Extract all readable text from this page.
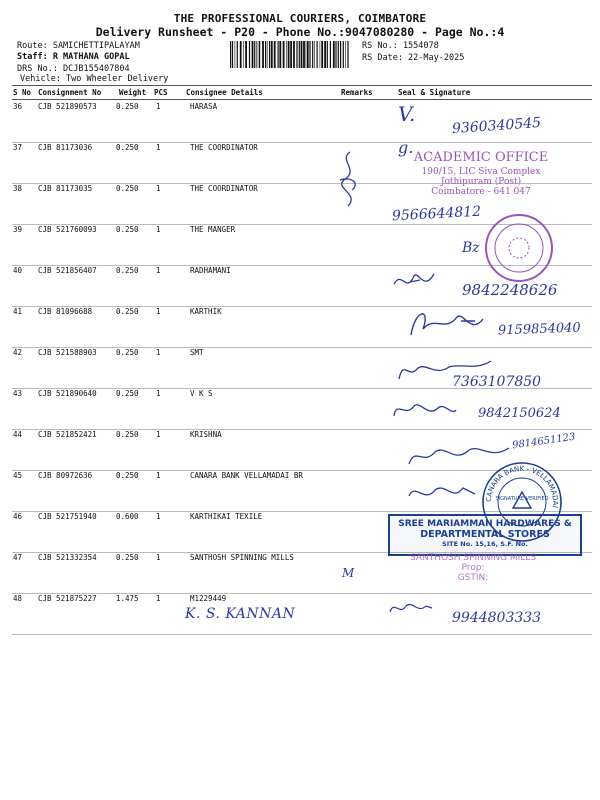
THE PROFESSIONAL COURIERS, COIMBATORE
Delivery Runsheet - P20 - Phone No.:9047080280 - Page No.:4
Route: SAMICHETTIPALAYAM
Staff: R MATHANA GOPAL
DRS No.: DCJB155407804
Vehicle: Two Wheeler Delivery
RS No.: 1554078
RS Date: 22-May-2025
S No Consignment No Weight PCS Consignee Details	Remarks	Seal & Signature
36 CJB 521890573	0.250 1	HARASA
37 CJB 81173036	0.250 1	THE COORDINATOR
38 CJB 81173035	0.250 1	THE COORDINATOR
39 CJB 521760093	0.250 1	THE MANGER
40 CJB 521856407	0.250 1	RADHAMANI
41 CJB 81096688	0.250 1	KARTHIK
42 CJB 521588903	0.250 1	SMT
43 CJB 521890640	0.250 1	V K S
44 CJB 521852421	0.250 1	KRISHNA
45 CJB 80972636	0.250 1	CANARA BANK VELLAMADAI BR
46 CJB 521751940	0.600 1	KARTHIKAI TEXILE
47 CJB 521332354	0.250 1	SANTHOSH SPINNING MILLS
48 CJB 521875227	1.475 1	M1229449
ACADEMIC OFFICE
190/15, LIC Siva Complex
Jothipuram (Post)
Coimbatore - 641 047
CANARA BANK - VELLAMADAI
SIGNATURE VERIFIED
SREE MARIAMMAN HARDWARES &
DEPARTMENTAL STORES
SITE No. 15,16, S.F. No.
SANTHOSH SPINNING MILLS
Prop:
GSTIN:
V.	9360340545
g.
9566644812
Bz
9842248626
9159854040
7363107850
9842150624
9814651123
M
K. S. KANNAN	9944803333
